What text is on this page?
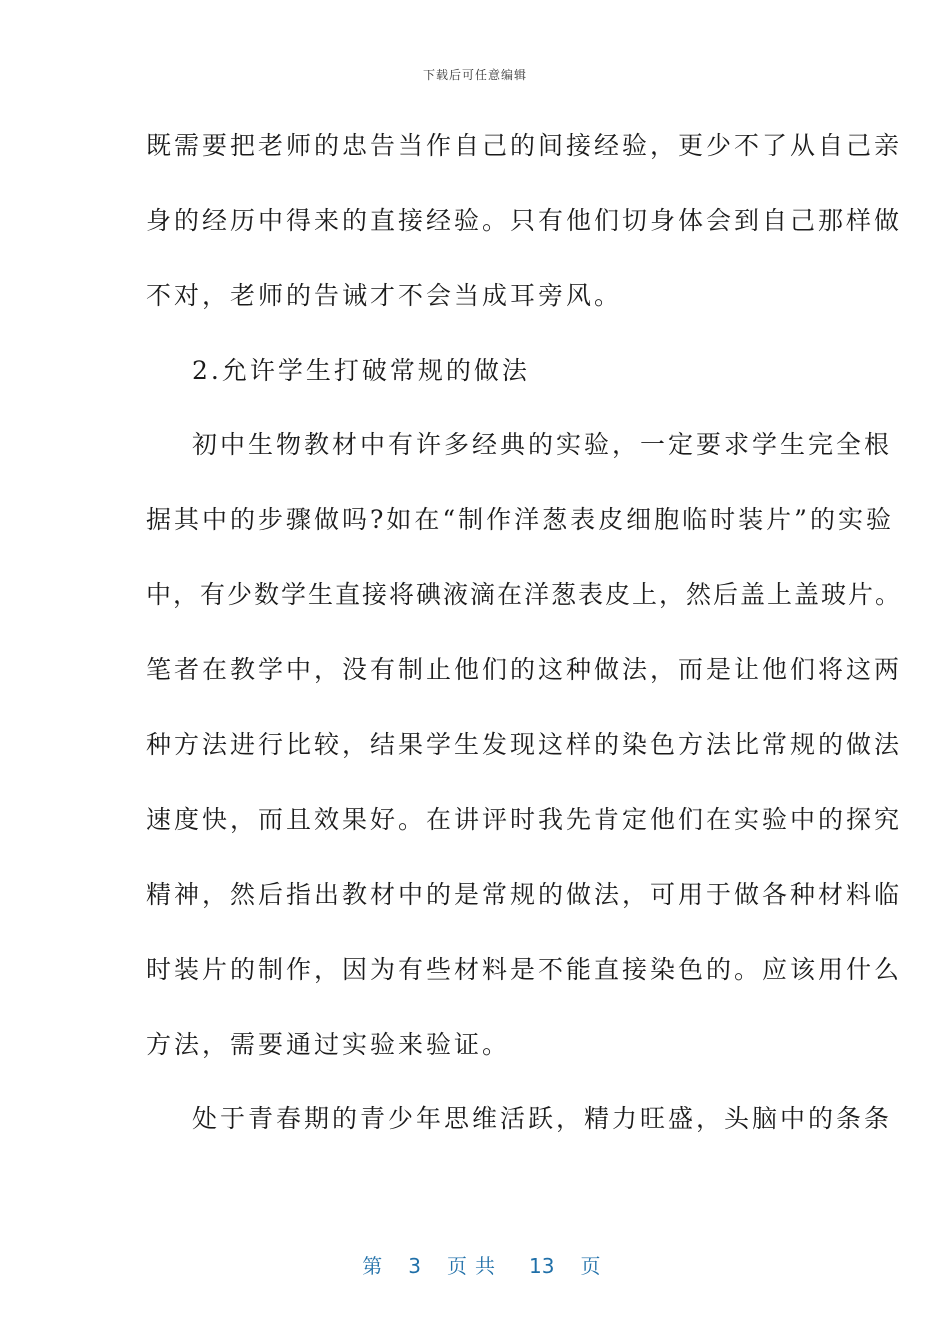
下载后可任意编辑
既需要把老师的忠告当作自己的间接经验，更少不了从自己亲
身的经历中得来的直接经验。只有他们切身体会到自己那样做
不对，老师的告诫才不会当成耳旁风。
2.允许学生打破常规的做法
初中生物教材中有许多经典的实验，一定要求学生完全根
据其中的步骤做吗?如在“制作洋葱表皮细胞临时装片”的实验
中，有少数学生直接将碘液滴在洋葱表皮上，然后盖上盖玻片。
笔者在教学中，没有制止他们的这种做法，而是让他们将这两
种方法进行比较，结果学生发现这样的染色方法比常规的做法
速度快，而且效果好。在讲评时我先肯定他们在实验中的探究
精神，然后指出教材中的是常规的做法，可用于做各种材料临
时装片的制作，因为有些材料是不能直接染色的。应该用什么
方法，需要通过实验来验证。
处于青春期的青少年思维活跃，精力旺盛，头脑中的条条

第 3 页共 13 页
